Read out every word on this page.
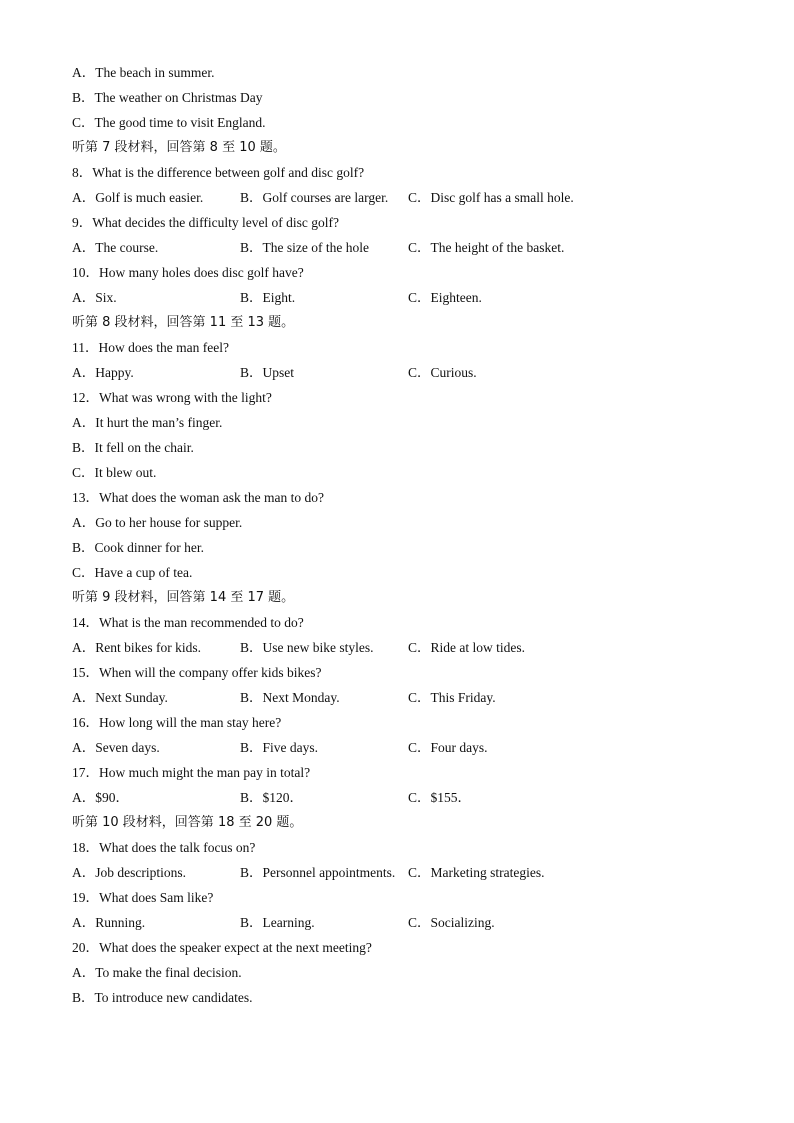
A．The beach in summer.
B．The weather on Christmas Day
C．The good time to visit England.
听第 7 段材料，回答第 8 至 10 题。
8．What is the difference between golf and disc golf?
A．Golf is much easier.	B．Golf courses are larger. C．Disc golf has a small hole.
9．What decides the difficulty level of disc golf?
A．The course.	B．The size of the hole	C．The height of the basket.
10．How many holes does disc golf have?
A．Six.	B．Eight.	C．Eighteen.
听第 8 段材料，回答第 11 至 13 题。
11．How does the man feel?
A．Happy.	B．Upset	C．Curious.
12．What was wrong with the light?
A．It hurt the man’s finger.
B．It fell on the chair.
C．It blew out.
13．What does the woman ask the man to do?
A．Go to her house for supper.
B．Cook dinner for her.
C．Have a cup of tea.
听第 9 段材料，回答第 14 至 17 题。
14．What is the man recommended to do?
A．Rent bikes for kids.	B．Use new bike styles.	C．Ride at low tides.
15．When will the company offer kids bikes?
A．Next Sunday.	B．Next Monday.	C．This Friday.
16．How long will the man stay here?
A．Seven days.	B．Five days.	C．Four days.
17．How much might the man pay in total?
A．$90．	B．$120．	C．$155．
听第 10 段材料，回答第 18 至 20 题。
18．What does the talk focus on?
A．Job descriptions.	B．Personnel appointments. C．Marketing strategies.
19．What does Sam like?
A．Running.	B．Learning.	C．Socializing.
20．What does the speaker expect at the next meeting?
A．To make the final decision.
B．To introduce new candidates.
